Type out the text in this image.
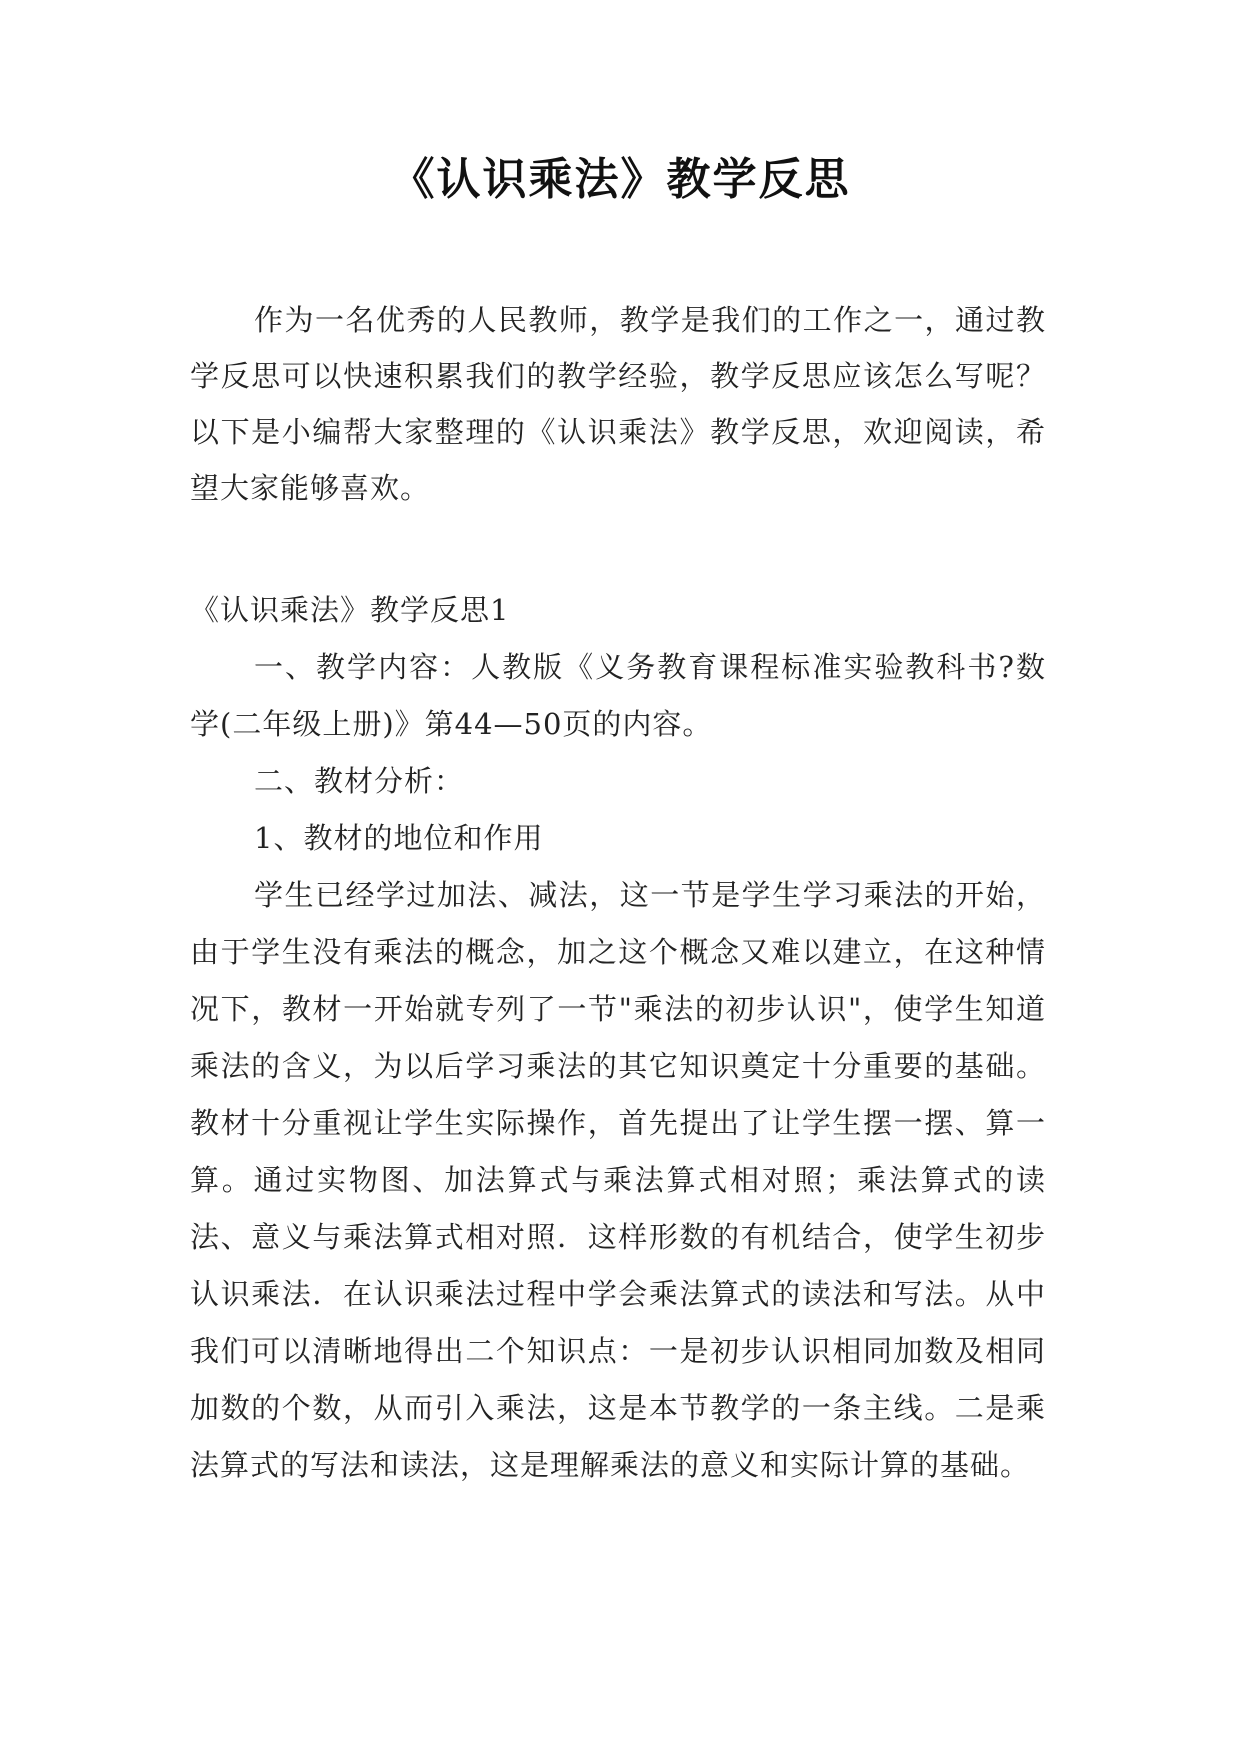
《认识乘法》教学反思
作为一名优秀的人民教师，教学是我们的工作之一，通过教学反思可以快速积累我们的教学经验，教学反思应该怎么写呢？以下是小编帮大家整理的《认识乘法》教学反思，欢迎阅读，希望大家能够喜欢。

《认识乘法》教学反思1

一、教学内容：人教版《义务教育课程标准实验教科书?数学(二年级上册)》第44—50页的内容。

二、教材分析：

1、教材的地位和作用

学生已经学过加法、减法，这一节是学生学习乘法的开始，由于学生没有乘法的概念，加之这个概念又难以建立，在这种情况下，教材一开始就专列了一节"乘法的初步认识"，使学生知道乘法的含义，为以后学习乘法的其它知识奠定十分重要的基础。教材十分重视让学生实际操作，首先提出了让学生摆一摆、算一算。通过实物图、加法算式与乘法算式相对照；乘法算式的读法、意义与乘法算式相对照．这样形数的有机结合，使学生初步认识乘法．在认识乘法过程中学会乘法算式的读法和写法。从中我们可以清晰地得出二个知识点：一是初步认识相同加数及相同加数的个数，从而引入乘法，这是本节教学的一条主线。二是乘法算式的写法和读法，这是理解乘法的意义和实际计算的基础。
